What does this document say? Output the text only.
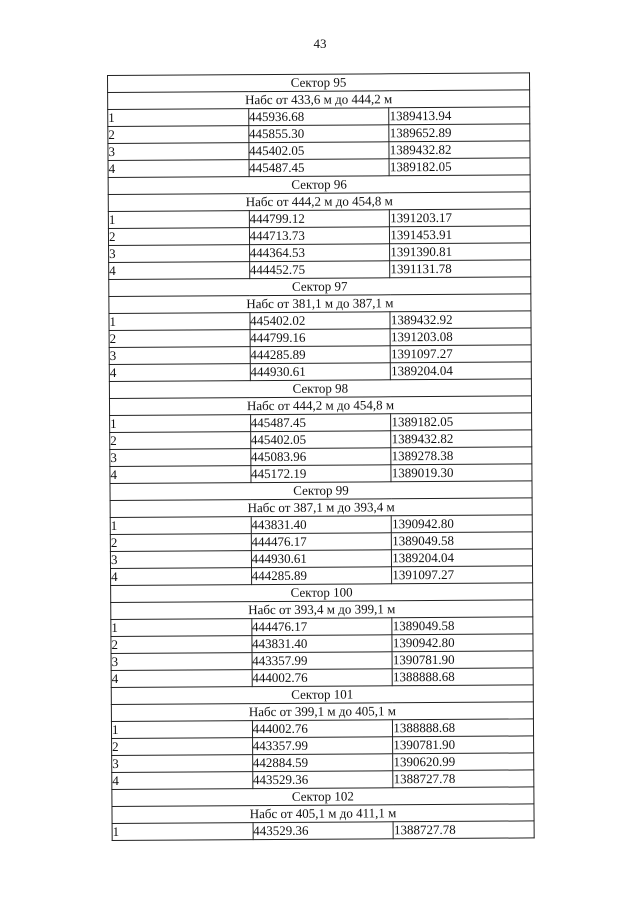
43
Сектор 95		
Набс от 433,6 м до 444,2 м		
1	445936.68	1389413.94
2	445855.30	1389652.89
3	445402.05	1389432.82
4	445487.45	1389182.05
Сектор 96		
Набс от 444,2 м до 454,8 м		
1	444799.12	1391203.17
2	444713.73	1391453.91
3	444364.53	1391390.81
4	444452.75	1391131.78
Сектор 97		
Набс от 381,1 м до 387,1 м		
1	445402.02	1389432.92
2	444799.16	1391203.08
3	444285.89	1391097.27
4	444930.61	1389204.04
Сектор 98		
Набс от 444,2 м до 454,8 м		
1	445487.45	1389182.05
2	445402.05	1389432.82
3	445083.96	1389278.38
4	445172.19	1389019.30
Сектор 99		
Набс от 387,1 м до 393,4 м		
1	443831.40	1390942.80
2	444476.17	1389049.58
3	444930.61	1389204.04
4	444285.89	1391097.27
Сектор 100		
Набс от 393,4 м до 399,1 м		
1	444476.17	1389049.58
2	443831.40	1390942.80
3	443357.99	1390781.90
4	444002.76	1388888.68
Сектор 101		
Набс от 399,1 м до 405,1 м		
1	444002.76	1388888.68
2	443357.99	1390781.90
3	442884.59	1390620.99
4	443529.36	1388727.78
Сектор 102		
Набс от 405,1 м до 411,1 м		
1	443529.36	1388727.78
